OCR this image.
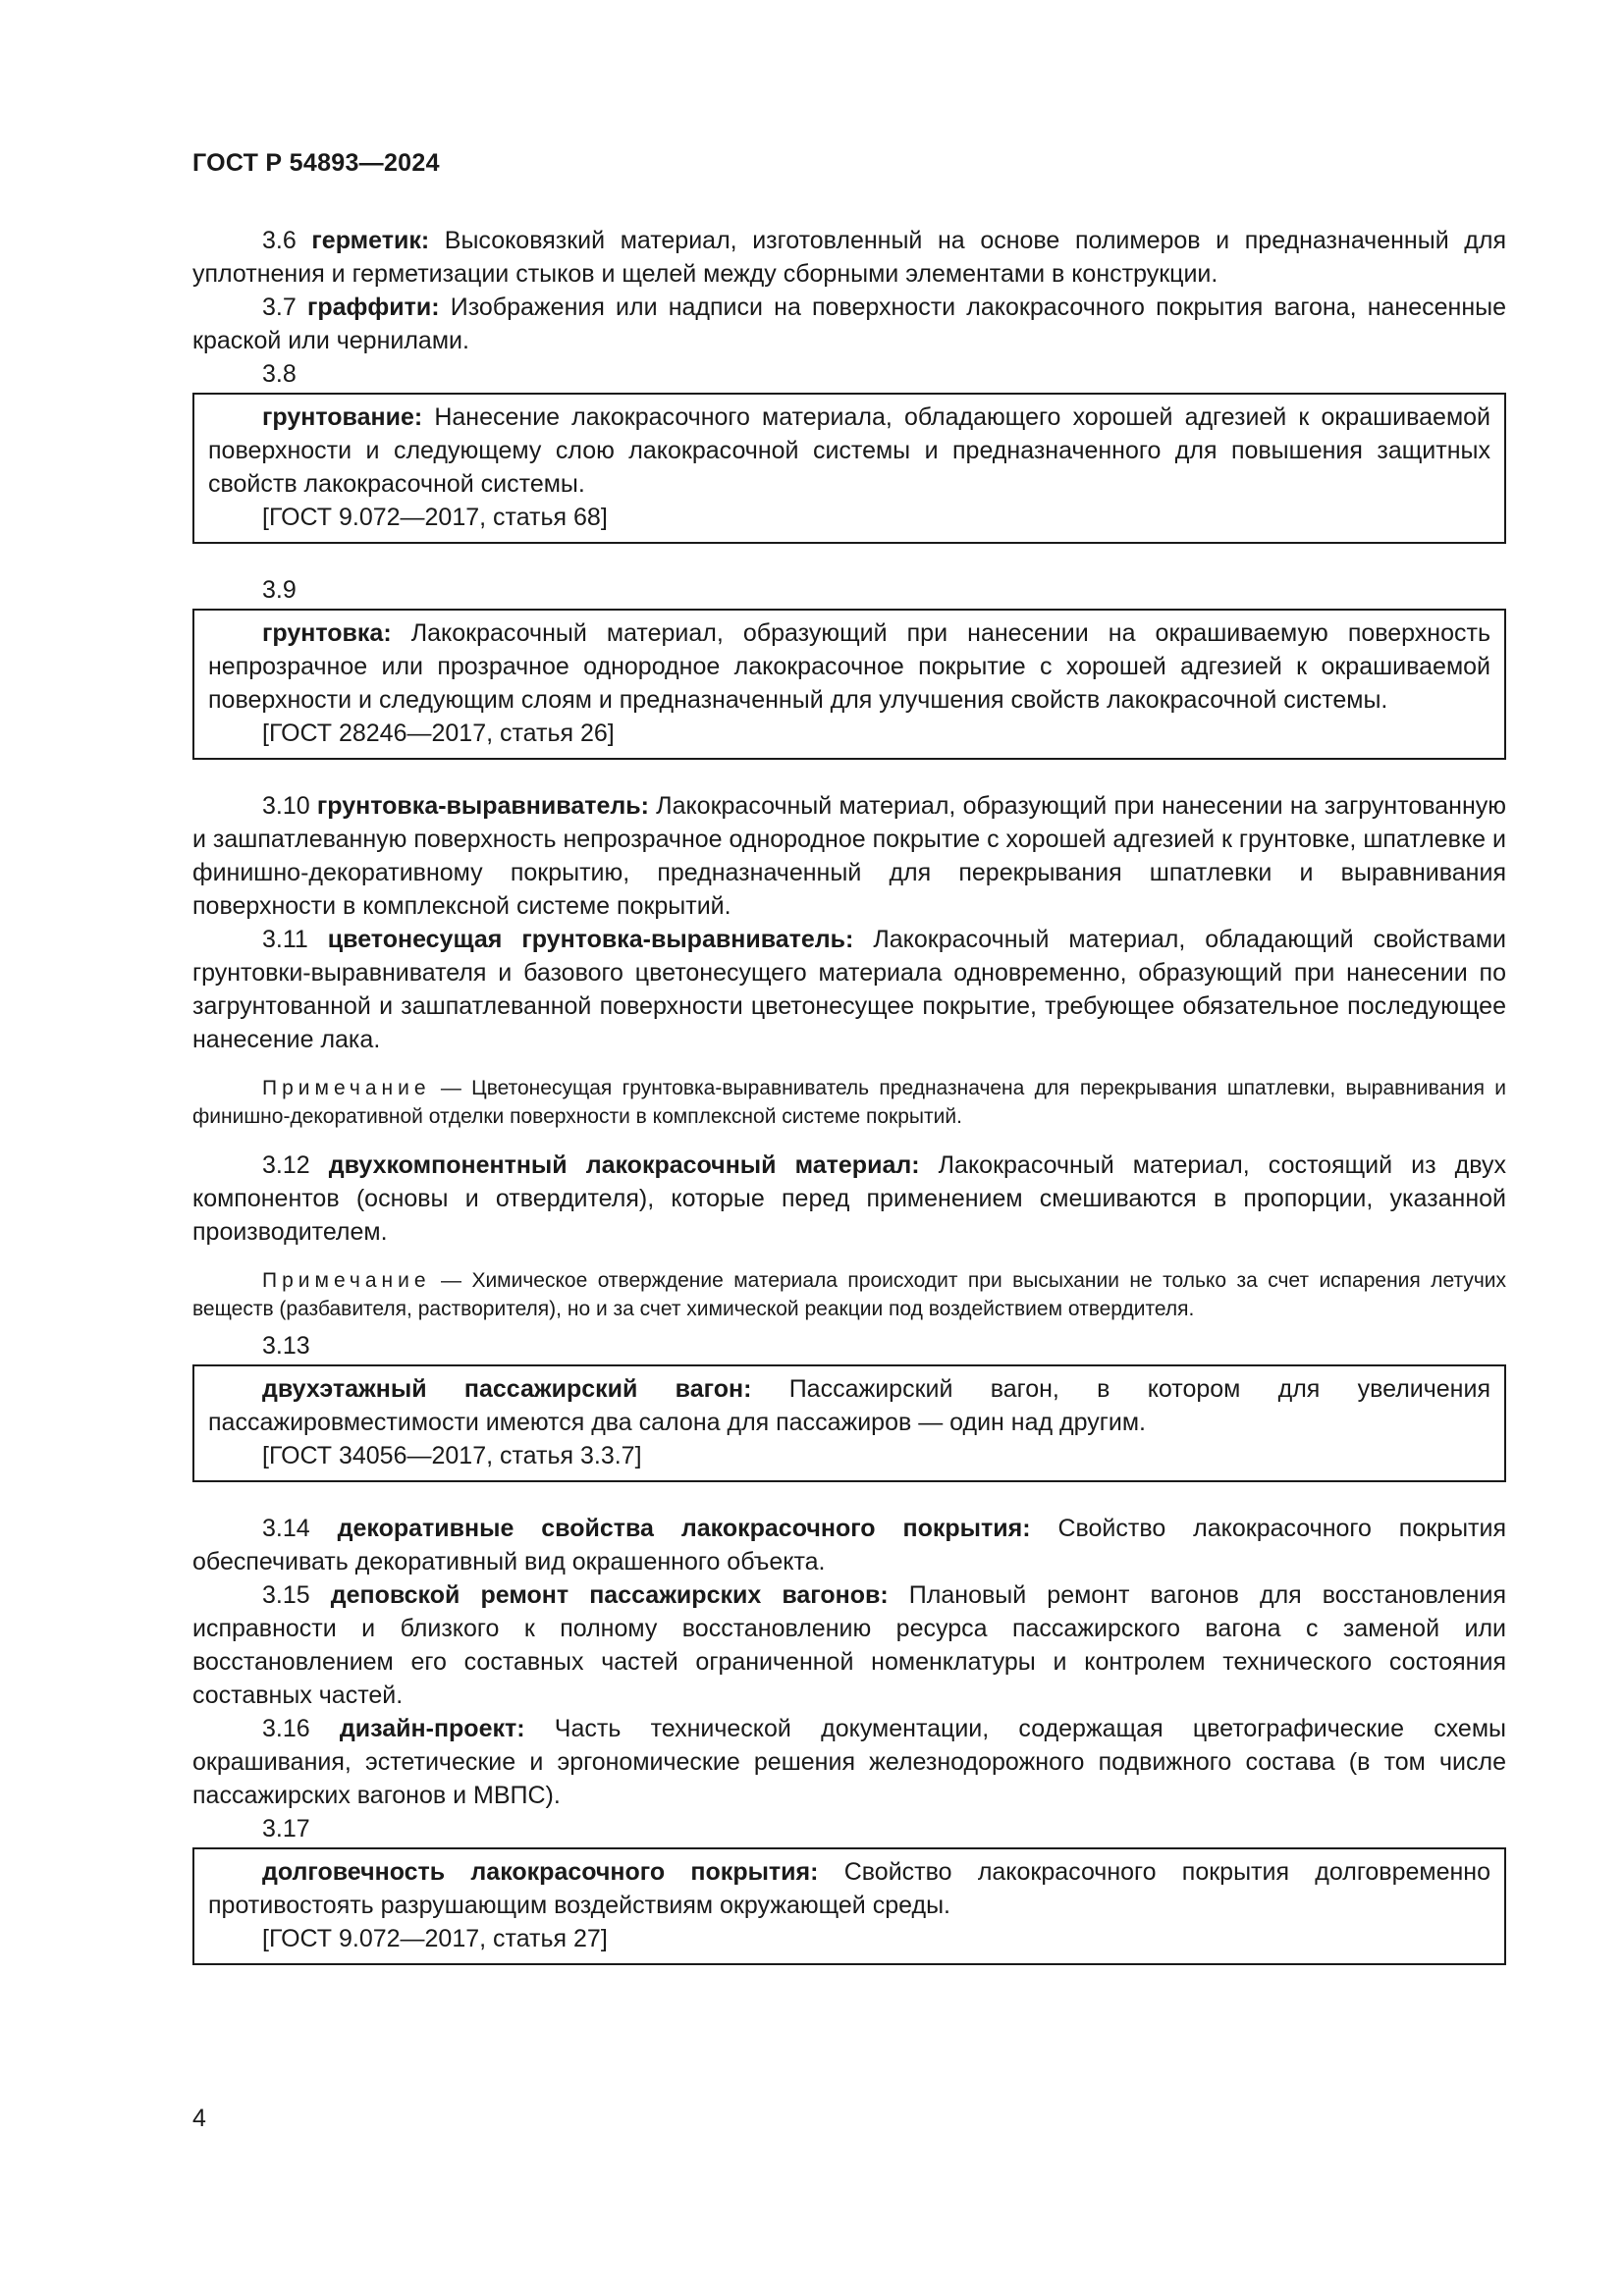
ГОСТ Р 54893—2024

3.6 герметик: Высоковязкий материал, изготовленный на основе полимеров и предназначенный для уплотнения и герметизации стыков и щелей между сборными элементами в конструкции.

3.7 граффити: Изображения или надписи на поверхности лакокрасочного покрытия вагона, нанесенные краской или чернилами.

3.8

грунтование: Нанесение лакокрасочного материала, обладающего хорошей адгезией к окрашиваемой поверхности и следующему слою лакокрасочной системы и предназначенного для повышения защитных свойств лакокрасочной системы.

[ГОСТ 9.072—2017, статья 68]

3.9

грунтовка: Лакокрасочный материал, образующий при нанесении на окрашиваемую поверхность непрозрачное или прозрачное однородное лакокрасочное покрытие с хорошей адгезией к окрашиваемой поверхности и следующим слоям и предназначенный для улучшения свойств лакокрасочной системы.

[ГОСТ 28246—2017, статья 26]

3.10 грунтовка-выравниватель: Лакокрасочный материал, образующий при нанесении на загрунтованную и зашпатлеванную поверхность непрозрачное однородное покрытие с хорошей адгезией к грунтовке, шпатлевке и финишно-декоративному покрытию, предназначенный для перекрывания шпатлевки и выравнивания поверхности в комплексной системе покрытий.

3.11 цветонесущая грунтовка-выравниватель: Лакокрасочный материал, обладающий свойствами грунтовки-выравнивателя и базового цветонесущего материала одновременно, образующий при нанесении по загрунтованной и зашпатлеванной поверхности цветонесущее покрытие, требующее обязательное последующее нанесение лака.

Примечание — Цветонесущая грунтовка-выравниватель предназначена для перекрывания шпатлевки, выравнивания и финишно-декоративной отделки поверхности в комплексной системе покрытий.

3.12 двухкомпонентный лакокрасочный материал: Лакокрасочный материал, состоящий из двух компонентов (основы и отвердителя), которые перед применением смешиваются в пропорции, указанной производителем.

Примечание — Химическое отверждение материала происходит при высыхании не только за счет испарения летучих веществ (разбавителя, растворителя), но и за счет химической реакции под воздействием отвердителя.

3.13

двухэтажный пассажирский вагон: Пассажирский вагон, в котором для увеличения пассажировместимости имеются два салона для пассажиров — один над другим.

[ГОСТ 34056—2017, статья 3.3.7]

3.14 декоративные свойства лакокрасочного покрытия: Свойство лакокрасочного покрытия обеспечивать декоративный вид окрашенного объекта.

3.15 деповской ремонт пассажирских вагонов: Плановый ремонт вагонов для восстановления исправности и близкого к полному восстановлению ресурса пассажирского вагона с заменой или восстановлением его составных частей ограниченной номенклатуры и контролем технического состояния составных частей.

3.16 дизайн-проект: Часть технической документации, содержащая цветографические схемы окрашивания, эстетические и эргономические решения железнодорожного подвижного состава (в том числе пассажирских вагонов и МВПС).

3.17

долговечность лакокрасочного покрытия: Свойство лакокрасочного покрытия долговременно противостоять разрушающим воздействиям окружающей среды.

[ГОСТ 9.072—2017, статья 27]

4
